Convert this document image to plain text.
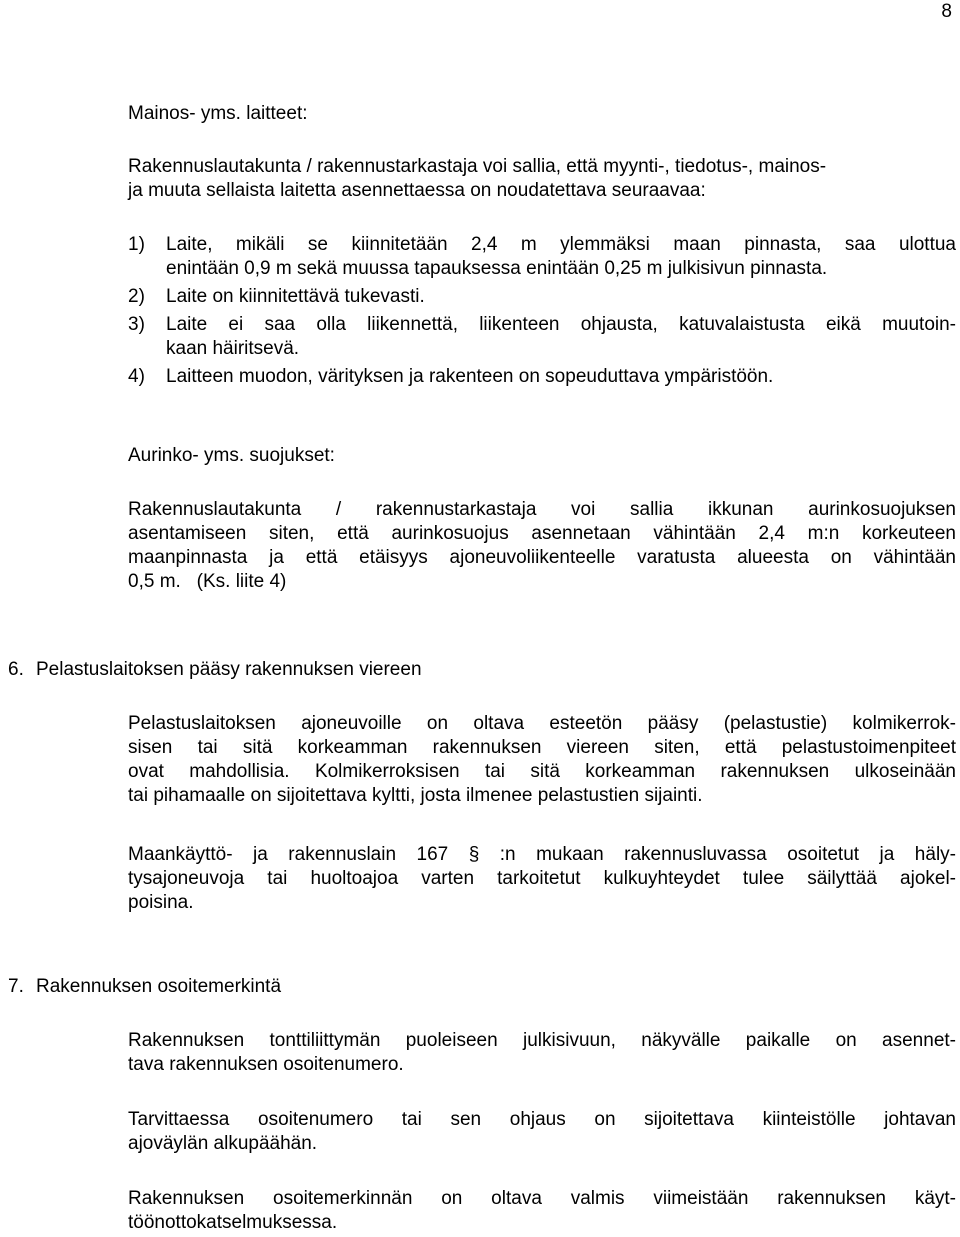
8

Mainos- yms. laitteet:

Rakennuslautakunta / rakennustarkastaja voi sallia, että myynti-, tiedotus-, mainos-
ja muuta sellaista laitetta asennettaessa on noudatettava seuraavaa:

1) Laite, mikäli se kiinnitetään 2,4 m ylemmäksi maan pinnasta, saa ulottua
enintään 0,9 m sekä muussa tapauksessa enintään 0,25 m julkisivun pinnasta.
2) Laite on kiinnitettävä tukevasti.
3) Laite ei saa olla liikennettä, liikenteen ohjausta, katuvalaistusta eikä muutoin-
kaan häiritsevä.
4) Laitteen muodon, värityksen ja rakenteen on sopeuduttava ympäristöön.

Aurinko- yms. suojukset:

Rakennuslautakunta / rakennustarkastaja voi sallia ikkunan aurinkosuojuksen
asentamiseen siten, että aurinkosuojus asennetaan vähintään 2,4 m:n korkeuteen
maanpinnasta ja että etäisyys ajoneuvoliikenteelle varatusta alueesta on vähintään
0,5 m.   (Ks. liite 4)

6. Pelastuslaitoksen pääsy rakennuksen viereen

Pelastuslaitoksen ajoneuvoille on oltava esteetön pääsy (pelastustie) kolmikerrok-
sisen tai sitä korkeamman rakennuksen viereen siten, että pelastustoimenpiteet
ovat mahdollisia. Kolmikerroksisen tai sitä korkeamman rakennuksen ulkoseinään
tai pihamaalle on sijoitettava kyltti, josta ilmenee pelastustien sijainti.

Maankäyttö- ja rakennuslain 167 § :n mukaan rakennusluvassa osoitetut ja häly-
tysajoneuvoja tai huoltoajoa varten tarkoitetut kulkuyhteydet tulee säilyttää ajokel-
poisina.

7. Rakennuksen osoitemerkintä

Rakennuksen tonttiliittymän puoleiseen julkisivuun, näkyvälle paikalle on asennet-
tava rakennuksen osoitenumero.

Tarvittaessa osoitenumero tai sen ohjaus on sijoitettava kiinteistölle johtavan
ajoväylän alkupäähän.

Rakennuksen osoitemerkinnän on oltava valmis viimeistään rakennuksen käyt-
töönottokatselmuksessa.
